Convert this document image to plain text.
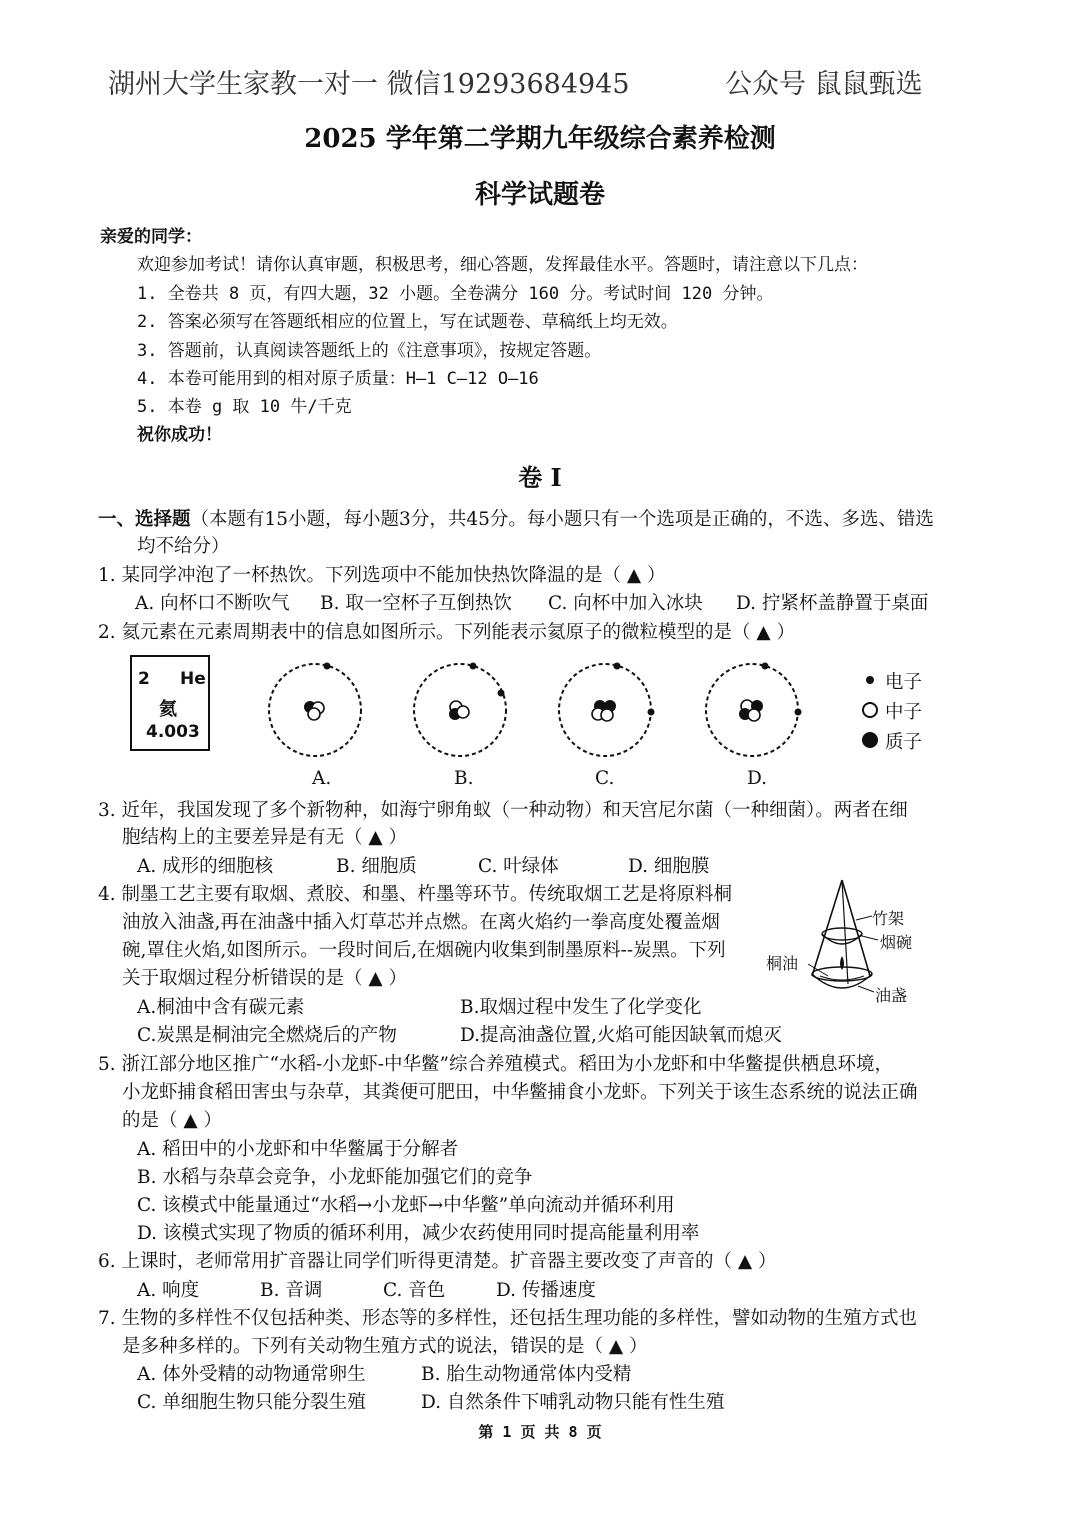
湖州大学生家教一对一 微信19293684945	公众号 鼠鼠甄选
2025 学年第二学期九年级综合素养检测
科学试题卷
亲爱的同学：
欢迎参加考试！请你认真审题，积极思考，细心答题，发挥最佳水平。答题时，请注意以下几点：
1. 全卷共 8 页，有四大题，32 小题。全卷满分 160 分。考试时间 120 分钟。
2. 答案必须写在答题纸相应的位置上，写在试题卷、草稿纸上均无效。
3. 答题前，认真阅读答题纸上的《注意事项》，按规定答题。
4. 本卷可能用到的相对原子质量：H—1 C—12 O—16
5. 本卷 g 取 10 牛/千克
祝你成功！
卷 Ⅰ
一、选择题（本题有15小题，每小题3分，共45分。每小题只有一个选项是正确的，不选、多选、错选
均不给分）
1. 某同学冲泡了一杯热饮。下列选项中不能加快热饮降温的是（ ▲ ）
A. 向杯口不断吹气 B. 取一空杯子互倒热饮 C. 向杯中加入冰块 D. 拧紧杯盖静置于桌面
2. 氦元素在元素周期表中的信息如图所示。下列能表示氦原子的微粒模型的是（ ▲ ）
2 He
氦
4.003
A.	B.	C.	D.
电子
中子
质子
3. 近年，我国发现了多个新物种，如海宁卵角蚁（一种动物）和天宫尼尔菌（一种细菌）。两者在细
胞结构上的主要差异是有无（ ▲ ）
A. 成形的细胞核	B. 细胞质	C. 叶绿体	D. 细胞膜
4. 制墨工艺主要有取烟、煮胶、和墨、杵墨等环节。传统取烟工艺是将原料桐
油放入油盏,再在油盏中插入灯草芯并点燃。在离火焰约一拳高度处覆盖烟
碗,罩住火焰,如图所示。一段时间后,在烟碗内收集到制墨原料--炭黑。下列
关于取烟过程分析错误的是（ ▲ ）
A.桐油中含有碳元素	B.取烟过程中发生了化学变化
C.炭黑是桐油完全燃烧后的产物	D.提高油盏位置,火焰可能因缺氧而熄灭
竹架
烟碗
桐油
油盏
5. 浙江部分地区推广“水稻-小龙虾-中华鳖”综合养殖模式。稻田为小龙虾和中华鳖提供栖息环境，
小龙虾捕食稻田害虫与杂草，其粪便可肥田，中华鳖捕食小龙虾。下列关于该生态系统的说法正确
的是（ ▲ ）
A. 稻田中的小龙虾和中华鳖属于分解者
B. 水稻与杂草会竞争，小龙虾能加强它们的竞争
C. 该模式中能量通过“水稻→小龙虾→中华鳖”单向流动并循环利用
D. 该模式实现了物质的循环利用，减少农药使用同时提高能量利用率
6. 上课时，老师常用扩音器让同学们听得更清楚。扩音器主要改变了声音的（ ▲ ）
A. 响度	B. 音调	C. 音色	D. 传播速度
7. 生物的多样性不仅包括种类、形态等的多样性，还包括生理功能的多样性，譬如动物的生殖方式也
是多种多样的。下列有关动物生殖方式的说法，错误的是（ ▲ ）
A. 体外受精的动物通常卵生	B. 胎生动物通常体内受精
C. 单细胞生物只能分裂生殖	D. 自然条件下哺乳动物只能有性生殖
第 1 页 共 8 页
